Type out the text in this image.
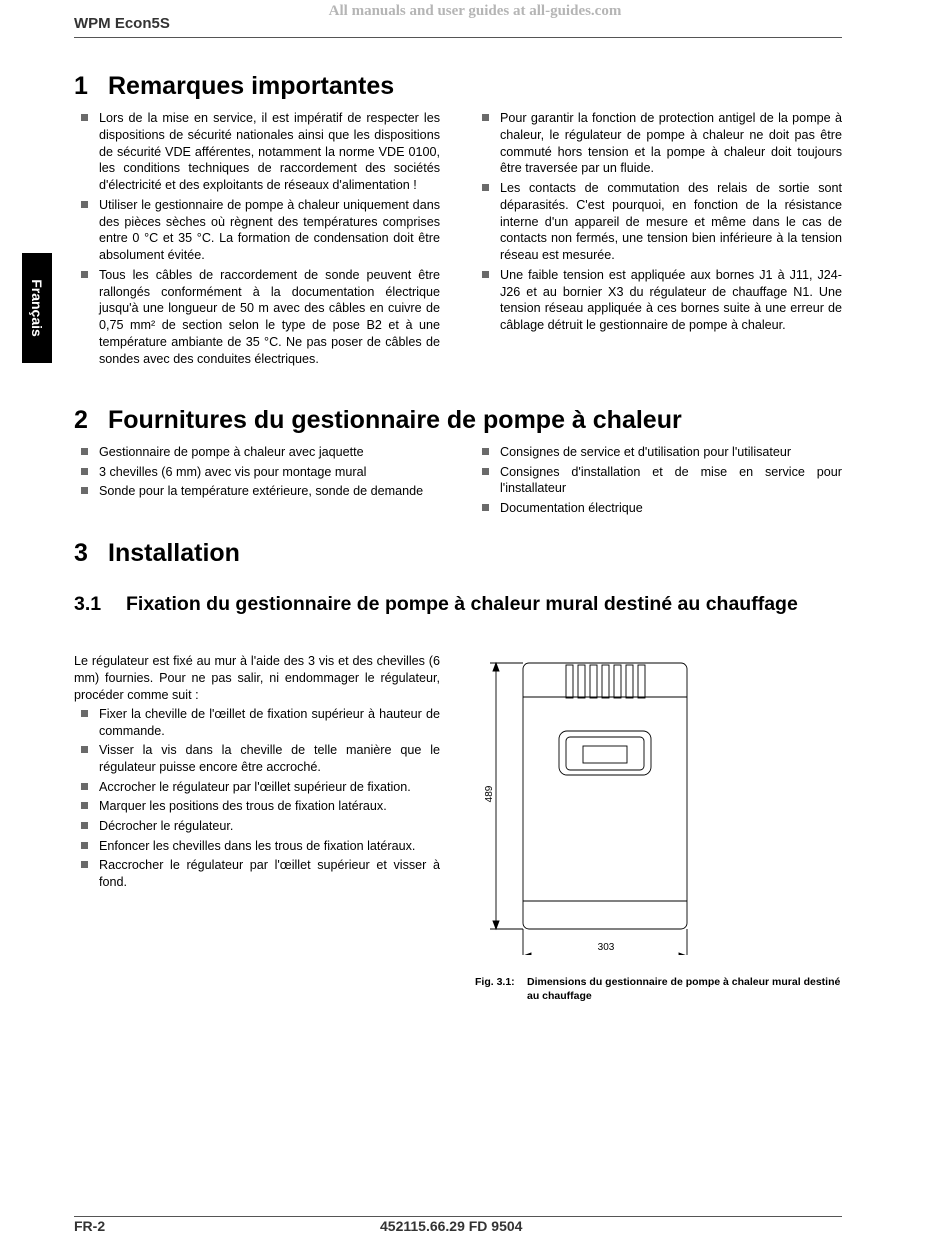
All manuals and user guides at all-guides.com
WPM Econ5S
Français
1 Remarques importantes
Lors de la mise en service, il est impératif de respecter les dispositions de sécurité nationales ainsi que les dispositions de sécurité VDE afférentes, notamment la norme VDE 0100, les conditions techniques de raccordement des sociétés d'électricité et des exploitants de réseaux d'alimentation !
Utiliser le gestionnaire de pompe à chaleur uniquement dans des pièces sèches où règnent des températures comprises entre 0 °C et 35 °C. La formation de condensation doit être absolument évitée.
Tous les câbles de raccordement de sonde peuvent être rallongés conformément à la documentation électrique jusqu'à une longueur de 50 m avec des câbles en cuivre de 0,75 mm² de section selon le type de pose B2 et à une température ambiante de 35 °C. Ne pas poser de câbles de sondes avec des conduites électriques.
Pour garantir la fonction de protection antigel de la pompe à chaleur, le régulateur de pompe à chaleur ne doit pas être commuté hors tension et la pompe à chaleur doit toujours être traversée par un fluide.
Les contacts de commutation des relais de sortie sont déparasités. C'est pourquoi, en fonction de la résistance interne d'un appareil de mesure et même dans le cas de contacts non fermés, une tension bien inférieure à la tension réseau est mesurée.
Une faible tension est appliquée aux bornes J1 à J11, J24-J26 et au bornier X3 du régulateur de chauffage N1. Une tension réseau appliquée à ces bornes suite à une erreur de câblage détruit le gestionnaire de pompe à chaleur.
2 Fournitures du gestionnaire de pompe à chaleur
Gestionnaire de pompe à chaleur avec jaquette
3 chevilles (6 mm) avec vis pour montage mural
Sonde pour la température extérieure, sonde de demande
Consignes de service et d'utilisation pour l'utilisateur
Consignes d'installation et de mise en service pour l'installateur
Documentation électrique
3 Installation
3.1 Fixation du gestionnaire de pompe à chaleur mural destiné au chauffage

Le régulateur est fixé au mur à l'aide des 3 vis et des chevilles (6 mm) fournies. Pour ne pas salir, ni endommager le régulateur, procéder comme suit :

Fixer la cheville de l'œillet de fixation supérieur à hauteur de commande.
Visser la vis dans la cheville de telle manière que le régulateur puisse encore être accroché.
Accrocher le régulateur par l'œillet supérieur de fixation.
Marquer les positions des trous de fixation latéraux.
Décrocher le régulateur.
Enfoncer les chevilles dans les trous de fixation latéraux.
Raccrocher le régulateur par l'œillet supérieur et visser à fond.
489
303
Fig. 3.1: Dimensions du gestionnaire de pompe à chaleur mural destiné au chauffage
FR-2	452115.66.29 FD 9504
